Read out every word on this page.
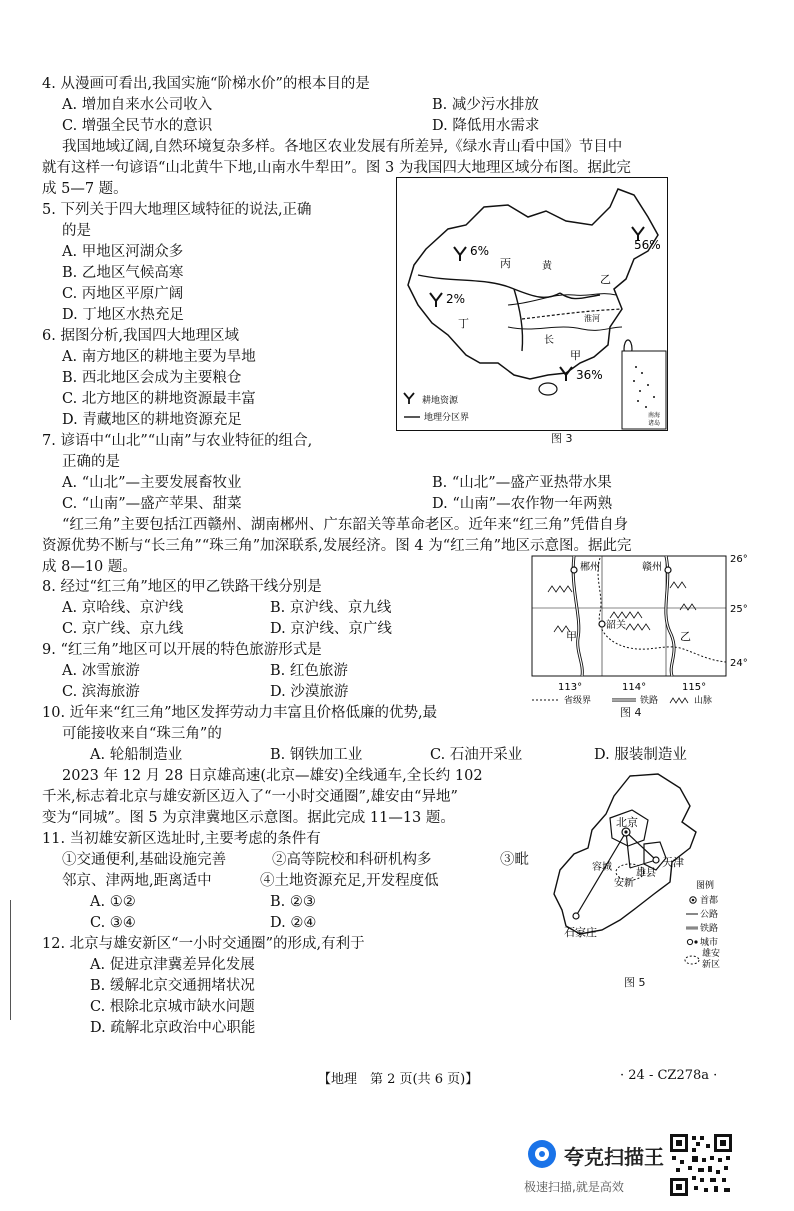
4. 从漫画可看出,我国实施“阶梯水价”的根本目的是
A. 增加自来水公司收入	B. 减少污水排放
C. 增强全民节水的意识	D. 降低用水需求
我国地域辽阔,自然环境复杂多样。各地区农业发展有所差异,《绿水青山看中国》节目中
就有这样一句谚语“山北黄牛下地,山南水牛犁田”。图 3 为我国四大地理区域分布图。据此完
成 5—7 题。
5. 下列关于四大地理区域特征的说法,正确
的是
A. 甲地区河湖众多
B. 乙地区气候高寒
C. 丙地区平原广阔
D. 丁地区水热充足
6. 据图分析,我国四大地理区域
A. 南方地区的耕地主要为旱地
B. 西北地区会成为主要粮仓
C. 北方地区的耕地资源最丰富
D. 青藏地区的耕地资源充足
7. 谚语中“山北”“山南”与农业特征的组合,
正确的是
A. “山北”—主要发展畜牧业	B. “山北”—盛产亚热带水果
C. “山南”—盛产苹果、甜菜	D. “山南”—农作物一年两熟
6%	56%
2%
36%
丙
乙
丁
甲
黄
长
淮河
耕地资源
地理分区界	南海
诸岛
图 3
“红三角”主要包括江西赣州、湖南郴州、广东韶关等革命老区。近年来“红三角”凭借自身
资源优势不断与“长三角”“珠三角”加深联系,发展经济。图 4 为“红三角”地区示意图。据此完
成 8—10 题。
8. 经过“红三角”地区的甲乙铁路干线分别是
A. 京哈线、京沪线	B. 京沪线、京九线
C. 京广线、京九线	D. 京沪线、京广线
9. “红三角”地区可以开展的特色旅游形式是
A. 冰雪旅游	B. 红色旅游
C. 滨海旅游	D. 沙漠旅游
10. 近年来“红三角”地区发挥劳动力丰富且价格低廉的优势,最
可能接收来自“珠三角”的
A. 轮船制造业	B. 钢铁加工业	C. 石油开采业	D. 服装制造业
郴州	赣州
韶关
甲	乙
26°
25°
24°
113°	114°	115°
省级界	铁路	山脉
图 4
2023 年 12 月 28 日京雄高速(北京—雄安)全线通车,全长约 102
千米,标志着北京与雄安新区迈入了“一小时交通圈”,雄安由“异地”
变为“同城”。图 5 为京津冀地区示意图。据此完成 11—13 题。
11. 当初雄安新区选址时,主要考虑的条件有
①交通便利,基础设施完善	②高等院校和科研机构多	③毗
邻京、津两地,距离适中	④土地资源充足,开发程度低
A. ①②	B. ②③
C. ③④	D. ②④
12. 北京与雄安新区“一小时交通圈”的形成,有利于
A. 促进京津冀差异化发展
B. 缓解北京交通拥堵状况
C. 根除北京城市缺水问题
D. 疏解北京政治中心职能
北京
天津
石家庄
容城
雄县
安新	图例
首都
公路
铁路
城市
雄安
新区
图 5
【地理　第 2 页(共 6 页)】	· 24 - CZ278a ·
夸克扫描王
极速扫描,就是高效
